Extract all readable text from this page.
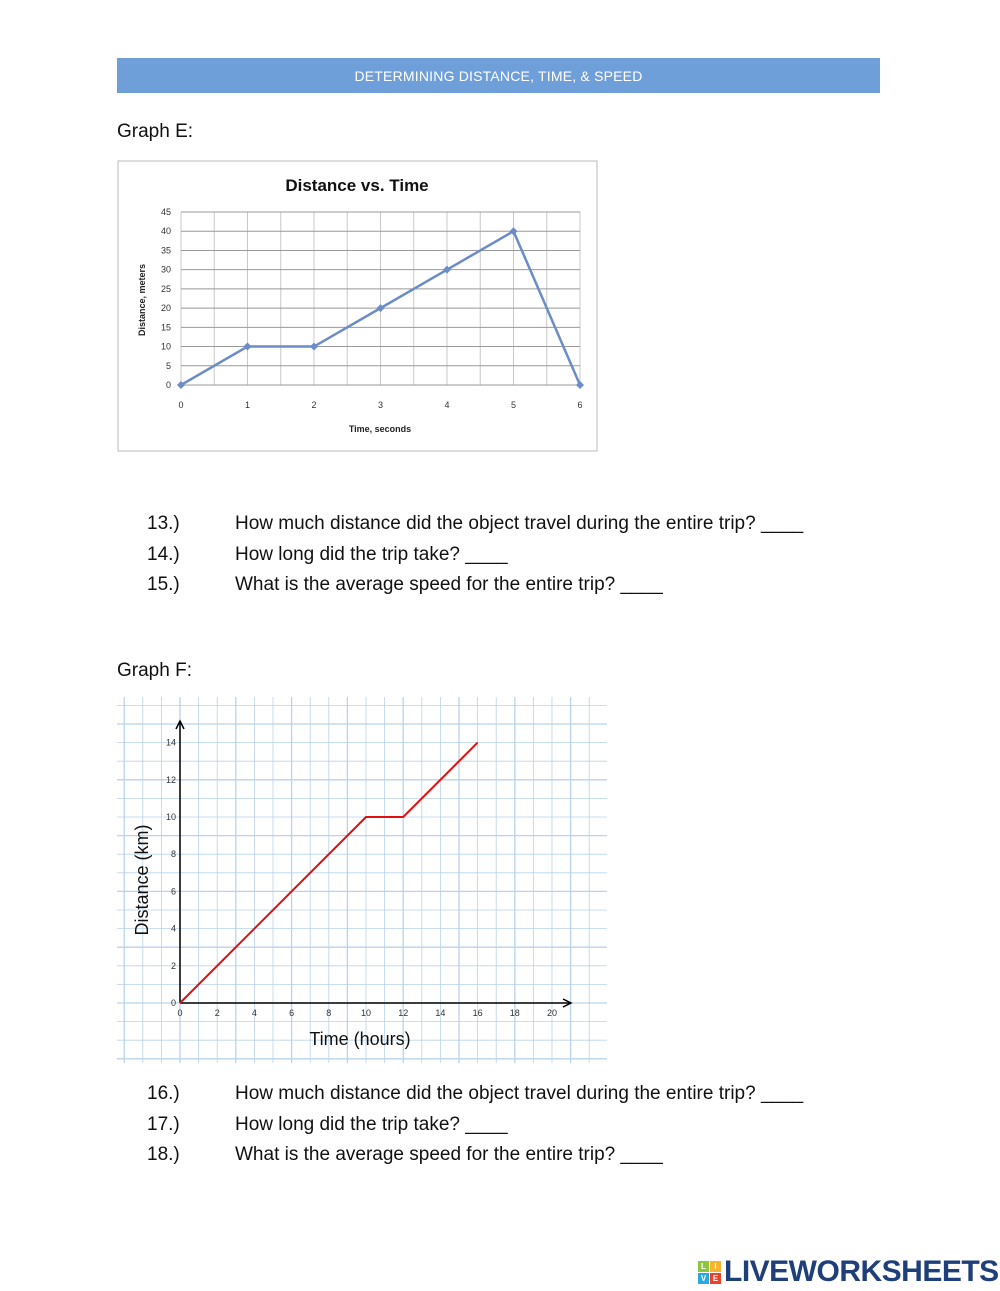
DETERMINING DISTANCE, TIME, & SPEED
Graph E:
0
5
10
15
20
25
30
35
40
45
0	1	2	3	4	5	6
Distance vs. Time
Time, seconds
Distance, meters
13.)	How much distance did the object travel during the entire trip? ____
14.)	How long did the trip take? ____
15.)	What is the average speed for the entire trip? ____
Graph F:
0
2
4
6
8
10
12
14
0	2	4	6	8	10	12	14	16	18	20
Time (hours)
Distance (km)
16.)	How much distance did the object travel during the entire trip? ____
17.)	How long did the trip take? ____
18.)	What is the average speed for the entire trip? ____
L	I
V E LIVEWORKSHEETS
